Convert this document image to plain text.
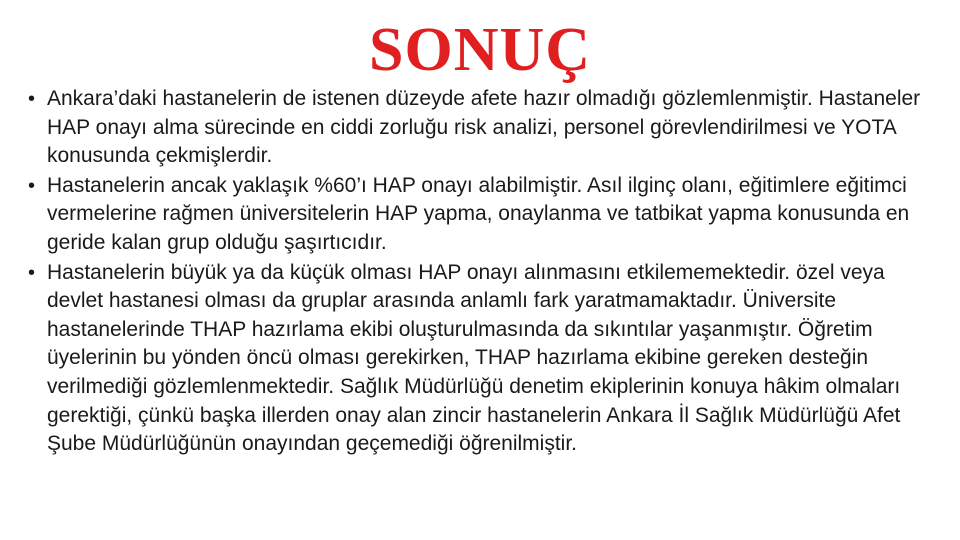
SONUÇ
• Ankara’daki hastanelerin de istenen düzeyde afete hazır olmadığı gözlemlenmiştir. Hastaneler HAP onayı alma sürecinde en ciddi zorluğu risk analizi, personel görevlendirilmesi ve YOTA konusunda çekmişlerdir.
• Hastanelerin ancak yaklaşık %60’ı HAP onayı alabilmiştir. Asıl ilginç olanı, eğitimlere eğitimci vermelerine rağmen üniversitelerin HAP yapma, onaylanma ve tatbikat yapma konusunda en geride kalan grup olduğu şaşırtıcıdır.
• Hastanelerin büyük ya da küçük olması HAP onayı alınmasını etkilememektedir. özel veya devlet hastanesi olması da gruplar arasında anlamlı fark yaratmamaktadır. Üniversite hastanelerinde THAP hazırlama ekibi oluşturulmasında da sıkıntılar yaşanmıştır. Öğretim üyelerinin bu yönden öncü olması gerekirken, THAP hazırlama ekibine gereken desteğin verilmediği gözlemlenmektedir. Sağlık Müdürlüğü denetim ekiplerinin konuya hâkim olmaları gerektiği, çünkü başka illerden onay alan zincir hastanelerin Ankara İl Sağlık Müdürlüğü Afet Şube Müdürlüğünün onayından geçemediği öğrenilmiştir.
